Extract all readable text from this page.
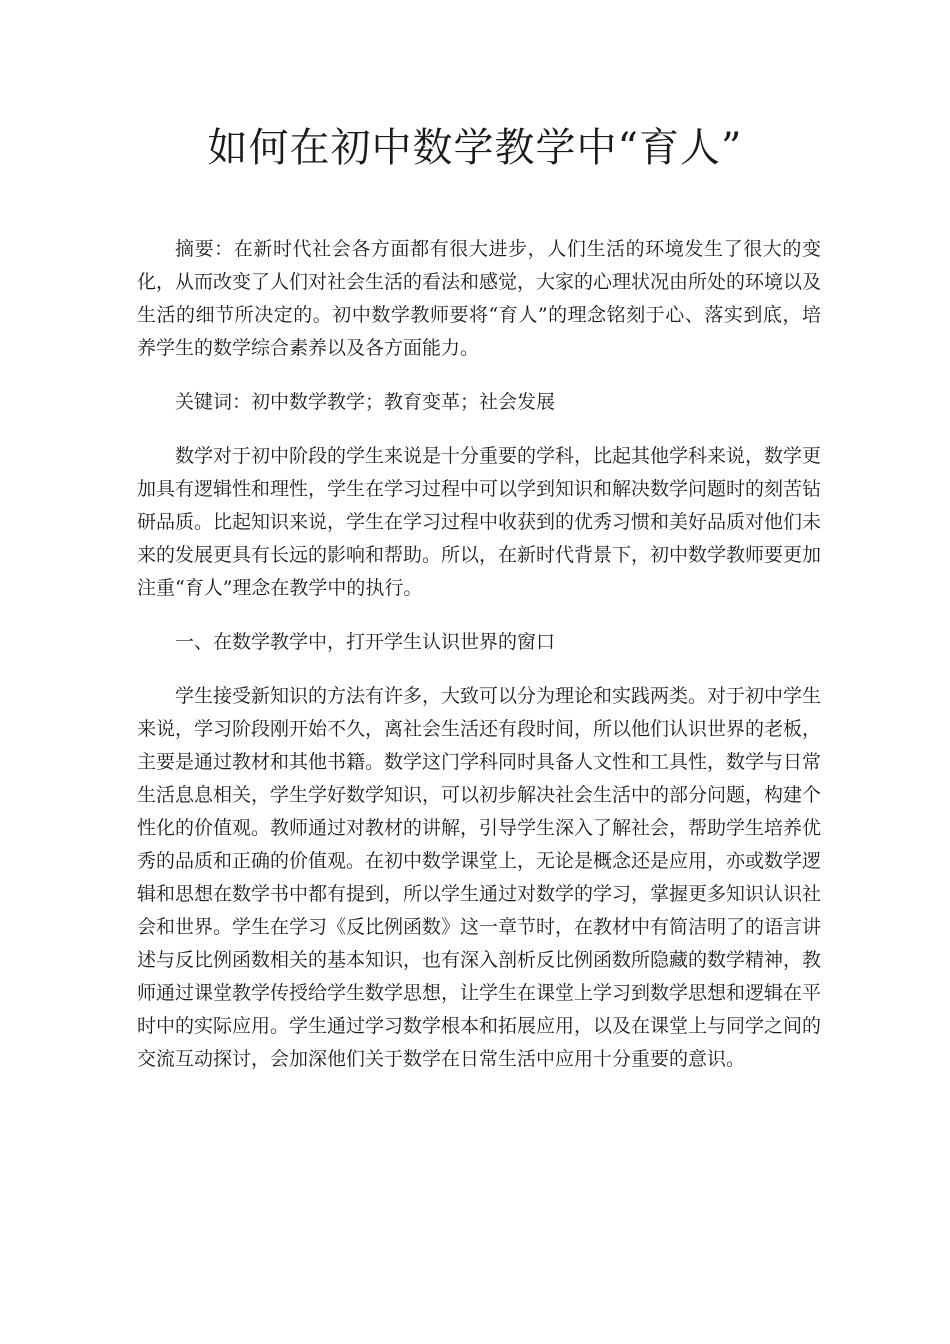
如何在初中数学教学中“育人”

摘要：在新时代社会各方面都有很大进步，人们生活的环境发生了很大的变化，从而改变了人们对社会生活的看法和感觉，大家的心理状况由所处的环境以及生活的细节所决定的。初中数学教师要将“育人”的理念铭刻于心、落实到底，培养学生的数学综合素养以及各方面能力。

关键词：初中数学教学；教育变革；社会发展

数学对于初中阶段的学生来说是十分重要的学科，比起其他学科来说，数学更加具有逻辑性和理性，学生在学习过程中可以学到知识和解决数学问题时的刻苦钻研品质。比起知识来说，学生在学习过程中收获到的优秀习惯和美好品质对他们未来的发展更具有长远的影响和帮助。所以，在新时代背景下，初中数学教师要更加注重“育人”理念在教学中的执行。

一、在数学教学中，打开学生认识世界的窗口

学生接受新知识的方法有许多，大致可以分为理论和实践两类。对于初中学生来说，学习阶段刚开始不久，离社会生活还有段时间，所以他们认识世界的老板，主要是通过教材和其他书籍。数学这门学科同时具备人文性和工具性，数学与日常生活息息相关，学生学好数学知识，可以初步解决社会生活中的部分问题，构建个性化的价值观。教师通过对教材的讲解，引导学生深入了解社会，帮助学生培养优秀的品质和正确的价值观。在初中数学课堂上，无论是概念还是应用，亦或数学逻辑和思想在数学书中都有提到，所以学生通过对数学的学习，掌握更多知识认识社会和世界。学生在学习《反比例函数》这一章节时，在教材中有简洁明了的语言讲述与反比例函数相关的基本知识，也有深入剖析反比例函数所隐藏的数学精神，教师通过课堂教学传授给学生数学思想，让学生在课堂上学习到数学思想和逻辑在平时中的实际应用。学生通过学习数学根本和拓展应用，以及在课堂上与同学之间的交流互动探讨，会加深他们关于数学在日常生活中应用十分重要的意识。
